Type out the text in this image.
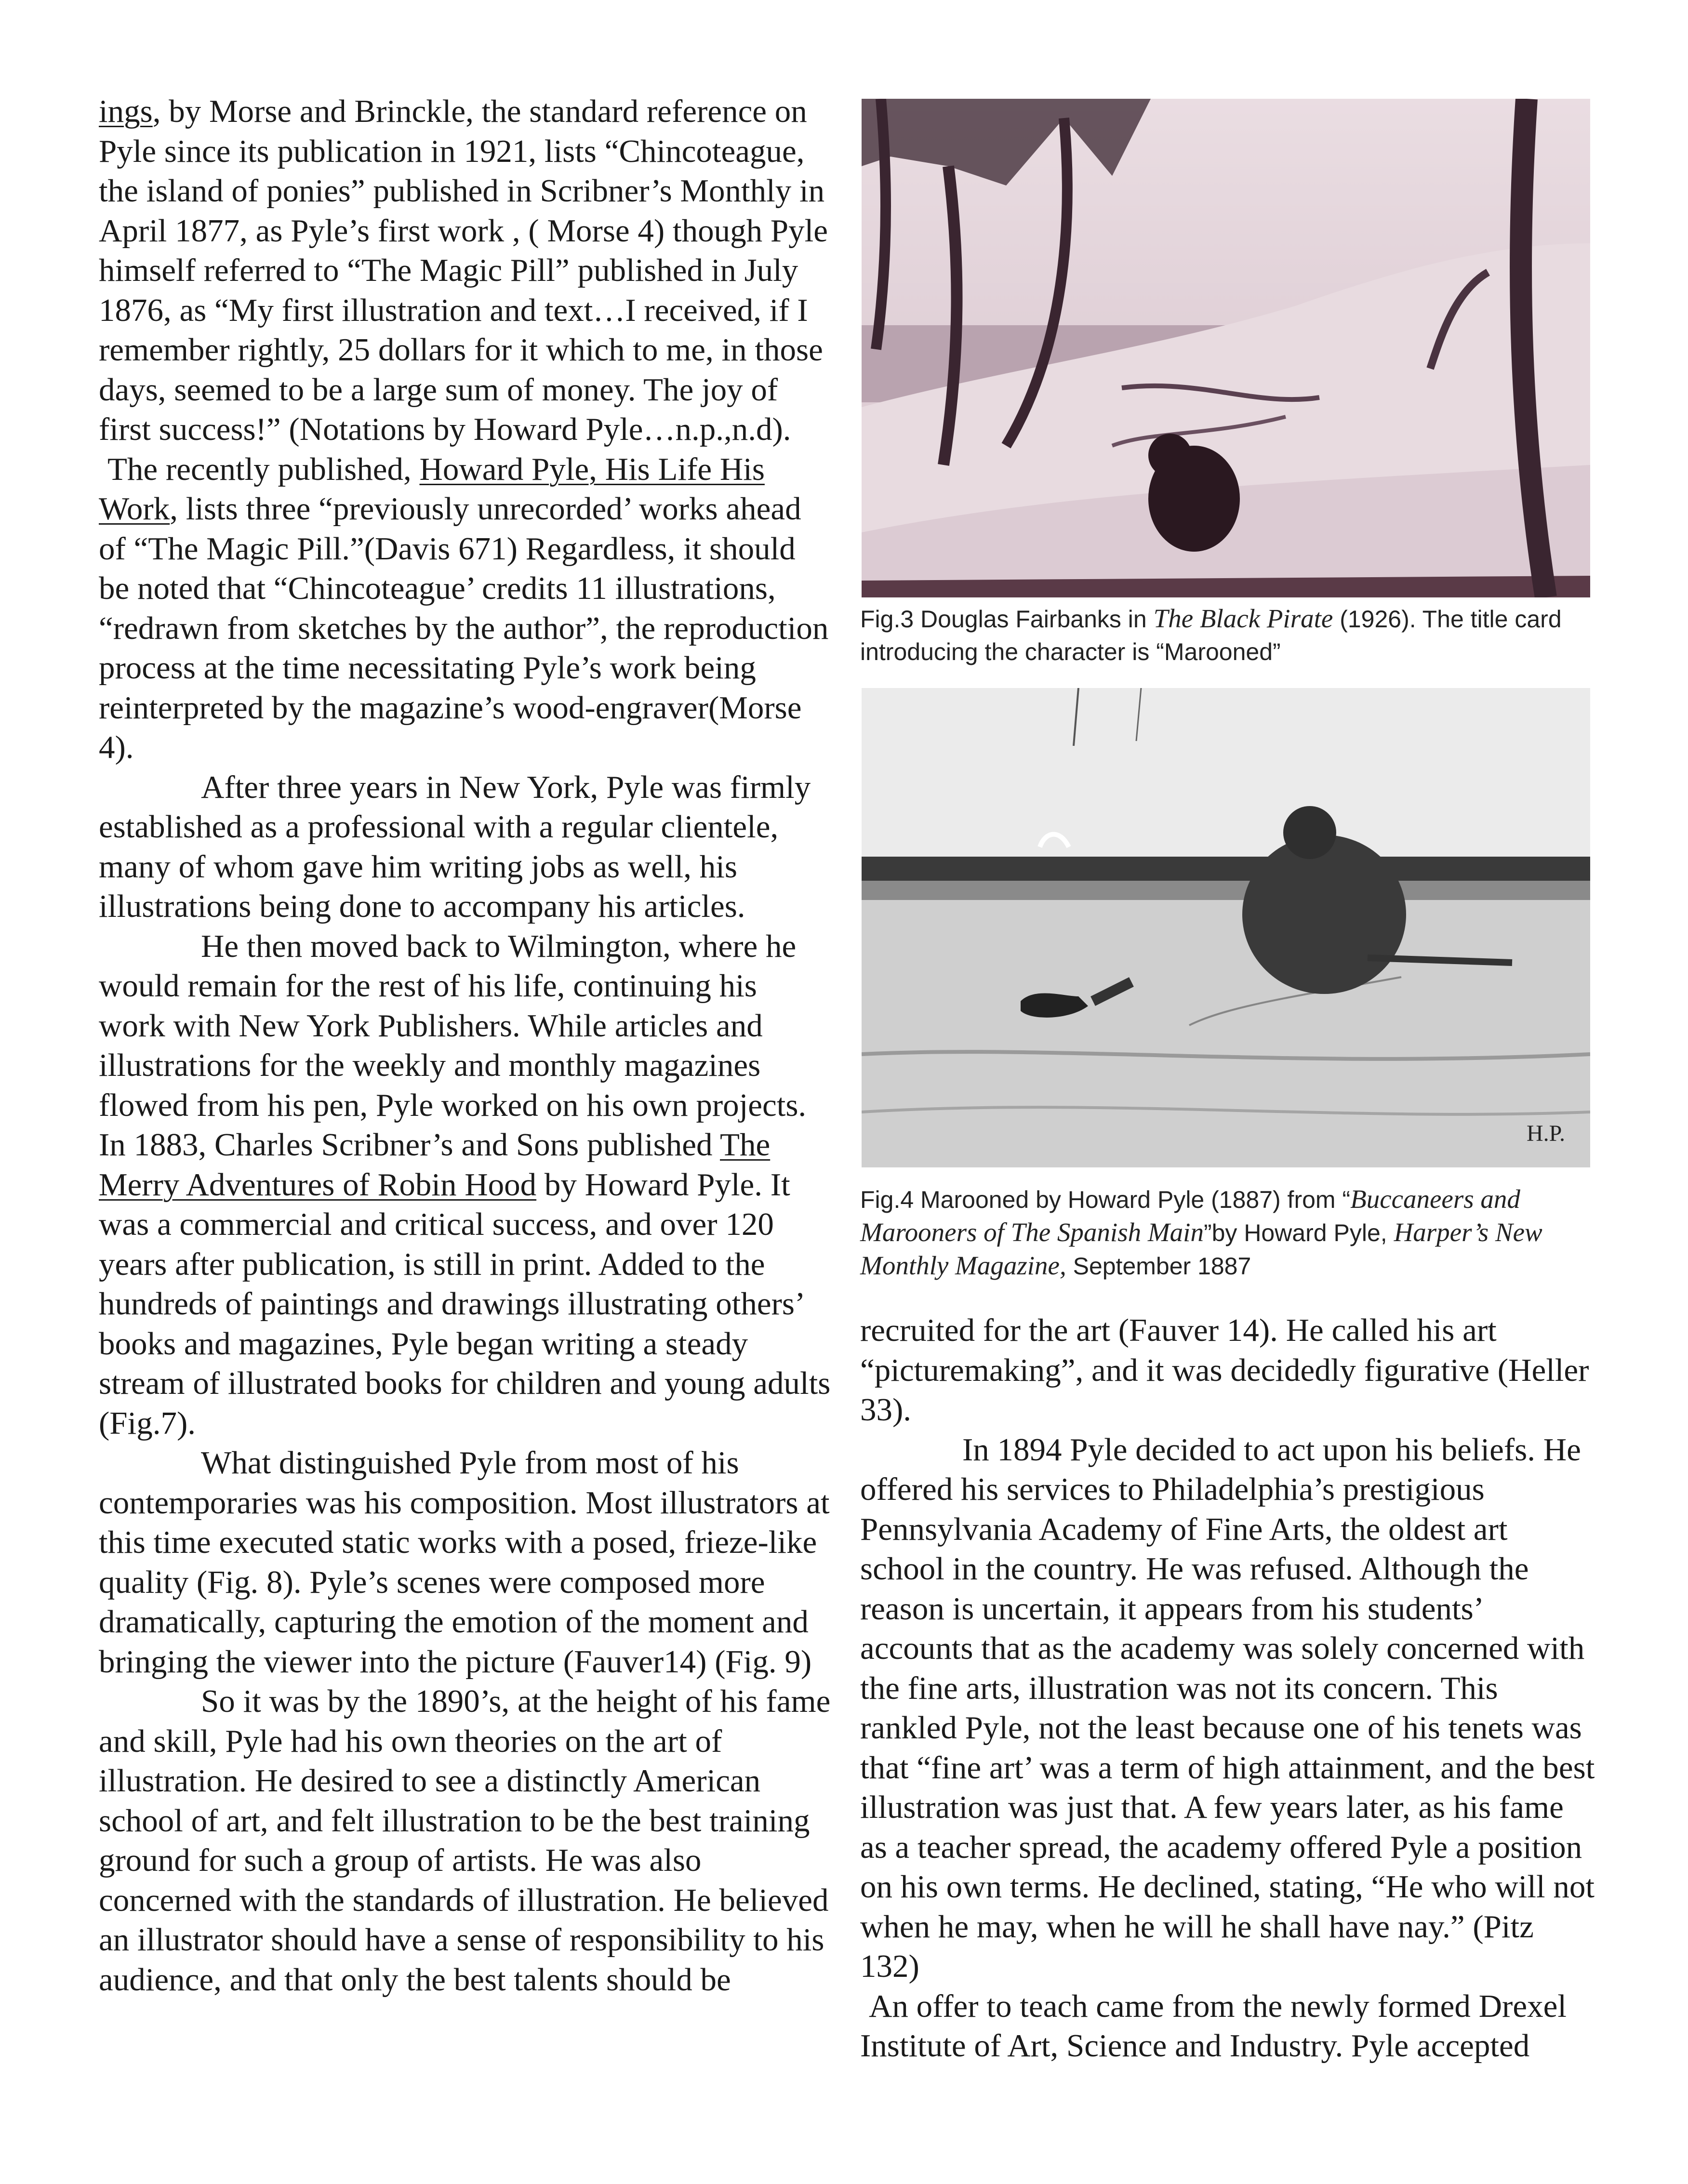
ings, by Morse and Brinckle, the standard reference on Pyle since its publication in 1921, lists “Chincoteague, the island of ponies” published in Scribner’s Monthly in April 1877, as Pyle’s first work , ( Morse 4) though Pyle himself referred to “The Magic Pill” published in July 1876, as “My first illustration and text…I received, if I remember rightly, 25 dollars for it which to me, in those days, seemed to be a large sum of money. The joy of first success!” (Notations by Howard Pyle…n.p.,n.d).

The recently published, Howard Pyle, His Life His Work, lists three “previously unrecorded’ works ahead of “The Magic Pill.”(Davis 671) Regardless, it should be noted that “Chincoteague’ credits 11 illustrations, “redrawn from sketches by the author”, the reproduction process at the time necessitating Pyle’s work being reinterpreted by the magazine’s wood-engraver(Morse 4).

After three years in New York, Pyle was firmly established as a professional with a regular clientele, many of whom gave him writing jobs as well, his illustrations being done to accompany his articles.

He then moved back to Wilmington, where he would remain for the rest of his life, continuing his work with New York Publishers. While articles and illustrations for the weekly and monthly magazines flowed from his pen, Pyle worked on his own projects. In 1883, Charles Scribner’s and Sons published The Merry Adventures of Robin Hood by Howard Pyle. It was a commercial and critical success, and over 120 years after publication, is still in print. Added to the hundreds of paintings and drawings illustrating others’ books and magazines, Pyle began writing a steady stream of illustrated books for children and young adults (Fig.7).

What distinguished Pyle from most of his contemporaries was his composition. Most illustrators at this time executed static works with a posed, frieze-like quality (Fig. 8). Pyle’s scenes were composed more dramatically, capturing the emotion of the moment and bringing the viewer into the picture (Fauver14) (Fig. 9)

So it was by the 1890’s, at the height of his fame and skill, Pyle had his own theories on the art of illustration. He desired to see a distinctly American school of art, and felt illustration to be the best training ground for such a group of artists. He was also concerned with the standards of illustration. He believed an illustrator should have a sense of responsibility to his audience, and that only the best talents should be

Fig.3 Douglas Fairbanks in The Black Pirate (1926). The title card introducing the character is “Marooned”
H.P.
Fig.4 Marooned by Howard Pyle (1887) from “Buccaneers and Marooners of The Spanish Main”by Howard Pyle, Harper’s New Monthly Magazine, September 1887

recruited for the art (Fauver 14). He called his art “picturemaking”, and it was decidedly figurative (Heller 33).

In 1894 Pyle decided to act upon his beliefs. He offered his services to Philadelphia’s prestigious Pennsylvania Academy of Fine Arts, the oldest art school in the country. He was refused. Although the reason is uncertain, it appears from his students’ accounts that as the academy was solely concerned with the fine arts, illustration was not its concern. This rankled Pyle, not the least because one of his tenets was that “fine art’ was a term of high attainment, and the best illustration was just that. A few years later, as his fame as a teacher spread, the academy offered Pyle a position on his own terms. He declined, stating, “He who will not when he may, when he will he shall have nay.” (Pitz 132)

An offer to teach came from the newly formed Drexel Institute of Art, Science and Industry. Pyle accepted
